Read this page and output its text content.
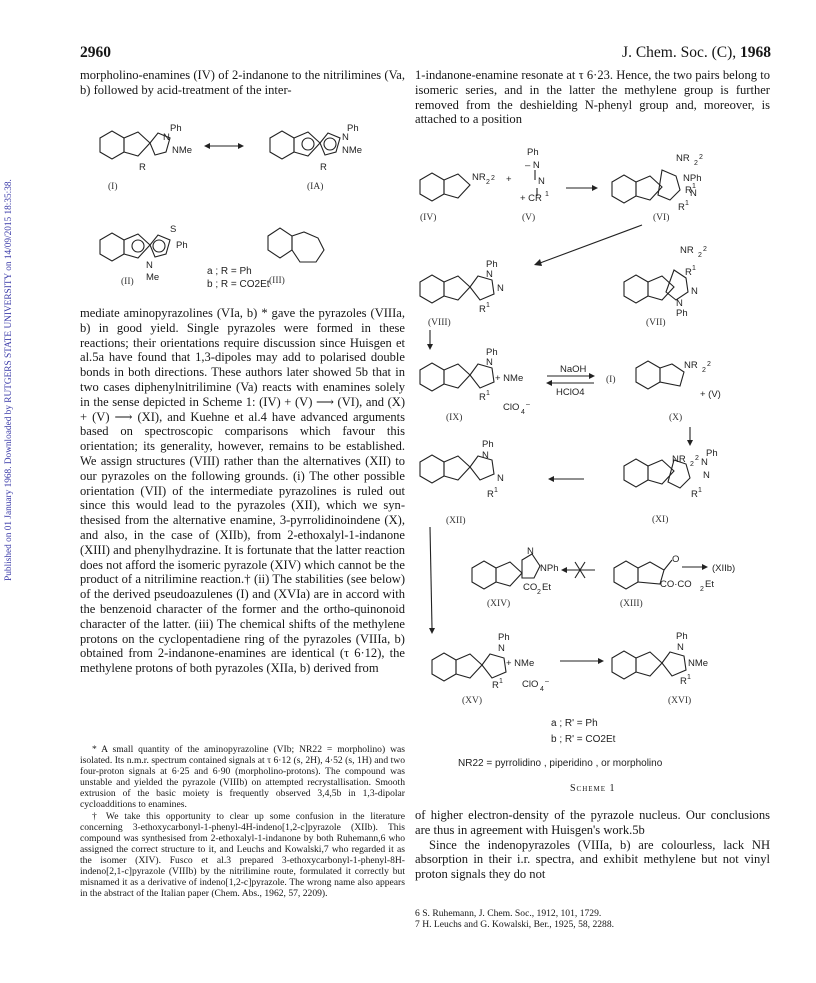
Published on 01 January 1968. Downloaded by RUTGERS STATE UNIVERSITY on 14/09/2015 18:35:38.
2960	J. Chem. Soc. (C), 1968

morpholino-enamines (IV) of 2-indanone to the nitrilimines (Va, b) followed by acid-treatment of the inter-

Ph
N
NMe
R
Ph
N
NMe
R
S
Ph
N
Me
(I)	(IA)
(II)	(III)
NR 2
2 +
Ph
– N
N
+ CR 1
NR 2
2
NPh
R 1
R 1
N
(IV)	(V)	(VI)
Ph
N
N
R 1
(VIII)
NR 2
2
R 1
N
N
Ph
(VII)
Ph
N
+ NMe
R 1
ClO 4
–
(IX)
NaOH
HClO4
(I)
NR 2
2
+ (V)
(X)
Ph
N
N
R 1
(XII)
NR 2
2 Ph
N
N
R 1
(XI)
N
NPh
CO 2 Et
(XIV)
O
CO·CO 2 Et
(XIIb)
(XIII)
Ph
N
+ NMe
R 1 ClO 4
–
(XV)
Ph
N
NMe
R 1
(XVI)
a ; R = Ph
b ; R = CO2Et
a ; R' = Ph
b ; R' = CO2Et
NR22 = pyrrolidino , piperidino , or morpholino
Scheme 1

mediate aminopyrazolines (VIa, b) * gave the pyrazoles (VIIIa, b) in good yield. Single pyrazoles were formed in these reactions; their orientations require discussion since Huisgen et al.5a have found that 1,3-dipoles may add to polarised double bonds in both directions. These authors later showed 5b that in two cases diphenylnitrilimine (Va) reacts with enamines solely in the sense depicted in Scheme 1: (IV) + (V) ⟶ (VI), and (X) + (V) ⟶ (XI), and Kuehne et al.4 have advanced arguments based on spectroscopic comparisons which favour this orientation; its generality, however, remains to be established. We assign structures (VIII) rather than the alternatives (XII) to our pyrazoles on the following grounds. (i) The other possible orientation (VII) of the intermediate pyrazolines is ruled out since this would lead to the pyrazoles (XII), which we synthesised from the alternative enamine, 3-pyrrolidinoindene (X), and also, in the case of (XIIb), from 2-ethoxalyl-1-indanone (XIII) and phenylhydrazine. It is fortunate that the latter reaction does not afford the isomeric pyrazole (XIV) which cannot be the product of a nitrilimine reaction.† (ii) The stabilities (see below) of the derived pseudoazulenes (I) and (XVIa) are in accord with the benzenoid character of the former and the ortho-quinonoid character of the latter. (iii) The chemical shifts of the methylene protons on the cyclopentadiene ring of the pyrazoles (VIIIa, b) obtained from 2-indanone-enamines are identical (τ 6·12), the methylene protons of both pyrazoles (XIIa, b) derived from

* A small quantity of the aminopyrazoline (VIb; NR22 = morpholino) was isolated. Its n.m.r. spectrum contained signals at τ 6·12 (s, 2H), 4·52 (s, 1H) and two four-proton signals at 6·25 and 6·90 (morpholino-protons). The compound was unstable and yielded the pyrazole (VIIIb) on attempted recrystallisation. Smooth extrusion of the basic moiety is frequently observed 3,4,5b in 1,3-dipolar cycloadditions to enamines.

† We take this opportunity to clear up some confusion in the literature concerning 3-ethoxycarbonyl-1-phenyl-4H-indeno[1,2-c]pyrazole (XIIb). This compound was synthesised from 2-ethoxalyl-1-indanone by both Ruhemann,6 who assigned the correct structure to it, and Leuchs and Kowalski,7 who regarded it as the isomer (XIV). Fusco et al.3 prepared 3-ethoxycarbonyl-1-phenyl-8H-indeno[2,1-c]pyrazole (VIIIb) by the nitrilimine route, formulated it correctly but misnamed it as a derivative of indeno[1,2-c]pyrazole. The wrong name also appears in the abstract of the Italian paper (Chem. Abs., 1962, 57, 2209).

1-indanone-enamine resonate at τ 6·23. Hence, the two pairs belong to isomeric series, and in the latter the methylene group is further removed from the deshielding N-phenyl group and, moreover, is attached to a position

of higher electron-density of the pyrazole nucleus. Our conclusions are thus in agreement with Huisgen's work.5b

Since the indenopyrazoles (VIIIa, b) are colourless, lack NH absorption in their i.r. spectra, and exhibit methylene but not vinyl proton signals they do not

6 S. Ruhemann, J. Chem. Soc., 1912, 101, 1729.

7 H. Leuchs and G. Kowalski, Ber., 1925, 58, 2288.
